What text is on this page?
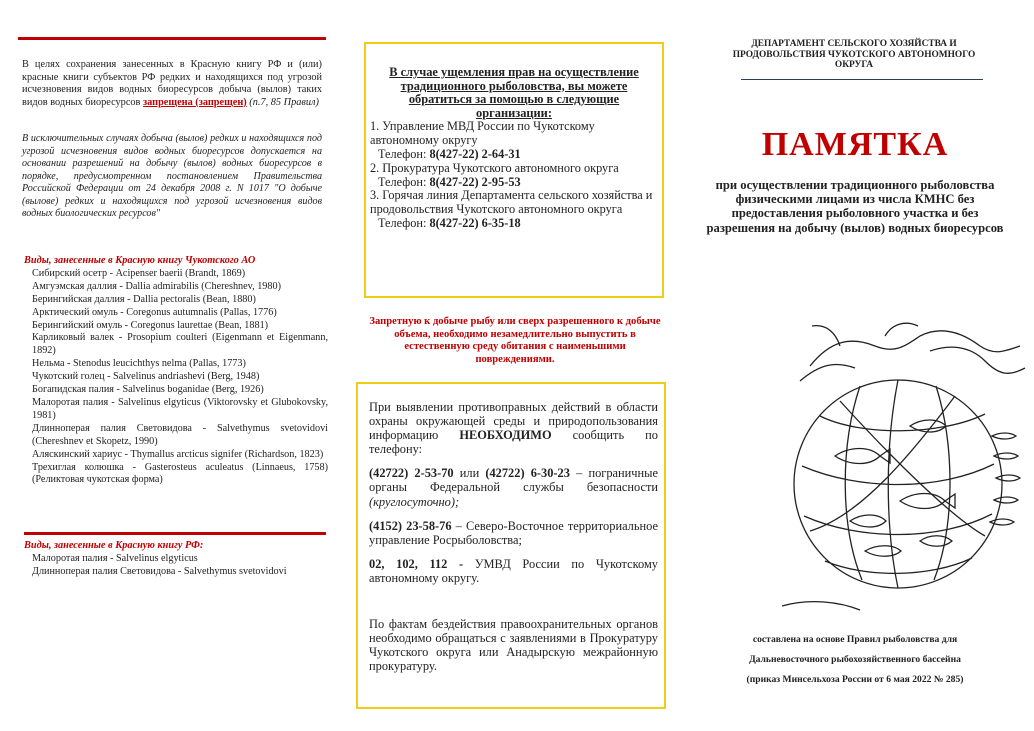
В целях сохранения занесенных в Красную книгу РФ и (или) красные книги субъектов РФ редких и находящихся под угрозой исчезновения видов водных биоресурсов добыча (вылов) таких видов водных биоресурсов запрещена (запрещен) (п.7, 85 Правил)
В исключительных случаях добыча (вылов) редких и находящихся под угрозой исчезновения видов водных биоресурсов допускается на основании разрешений на добычу (вылов) водных биоресурсов в порядке, предусмотренном постановлением Правительства Российской Федерации от 24 декабря 2008 г. N 1017 "О добыче (вылове) редких и находящихся под угрозой исчезновения видов водных биологических ресурсов"
Виды, занесенные в Красную книгу Чукотского АО
Сибирский осетр - Acipenser baerii (Brandt, 1869)
Амгуэмская даллия - Dallia admirabilis (Chereshnev, 1980)
Берингийская даллия - Dallia pectoralis (Bean, 1880)
Арктический омуль - Coregonus autumnalis (Pallas, 1776)
Берингийский омуль - Coregonus laurettae (Bean, 1881)
Карликовый валек - Prosopium coulteri (Eigenmann et Eigenmann, 1892)
Нельма - Stenodus leucichthys nelma (Pallas, 1773)
Чукотский голец - Salvelinus andriashevi (Berg, 1948)
Богапидская палия - Salvelinus boganidae (Berg, 1926)
Малоротая палия - Salvelinus elgyticus (Viktorovsky et Glubokovsky, 1981)
Длинноперая палия Световидова - Salvethymus svetovidovi (Chereshnev et Skopetz, 1990)
Аляскинский хариус - Thymallus arcticus signifer (Richardson, 1823)
Трехиглая колюшка - Gasterosteus aculeatus (Linnaeus, 1758) (Реликтовая чукотская форма)
Виды, занесенные в Красную книгу РФ:
Малоротая палия - Salvelinus elgyticus
Длинноперая палия Световидова - Salvethymus svetovidovi
В случае ущемления прав на осуществление традиционного рыболовства, вы можете обратиться за помощью в следующие организации:
1. Управление МВД России по Чукотскому автономному округу
Телефон: 8(427-22) 2-64-31
2. Прокуратура Чукотского автономного округа
Телефон: 8(427-22) 2-95-53
3. Горячая линия Департамента сельского хозяйства и продовольствия Чукотского автономного округа
Телефон: 8(427-22) 6-35-18
Запретную к добыче рыбу или сверх разрешенного к добыче объема, необходимо незамедлительно выпустить в естественную среду обитания с наименьшими повреждениями.

При выявлении противоправных действий в области охраны окружающей среды и природопользования информацию НЕОБХОДИМО сообщить по телефону:

(42722) 2-53-70 или (42722) 6-30-23 – пограничные органы Федеральной службы безопасности (круглосуточно);

(4152) 23-58-76 – Северо-Восточное территориальное управление Росрыболовства;

02, 102, 112 - УМВД России по Чукотскому автономному округу.

По фактам бездействия правоохранительных органов необходимо обращаться с заявлениями в Прокуратуру Чукотского округа или Анадырскую межрайонную прокуратуру.

ДЕПАРТАМЕНТ СЕЛЬСКОГО ХОЗЯЙСТВА И ПРОДОВОЛЬСТВИЯ ЧУКОТСКОГО АВТОНОМНОГО ОКРУГА
ПАМЯТКА
при осуществлении традиционного рыболовства физическими лицами из числа КМНС без предоставления рыболовного участка и без разрешения на добычу (вылов) водных биоресурсов
составлена на основе Правил рыболовства для
Дальневосточного рыбохозяйственного бассейна
(приказ Минсельхоза России от 6 мая 2022 № 285)
